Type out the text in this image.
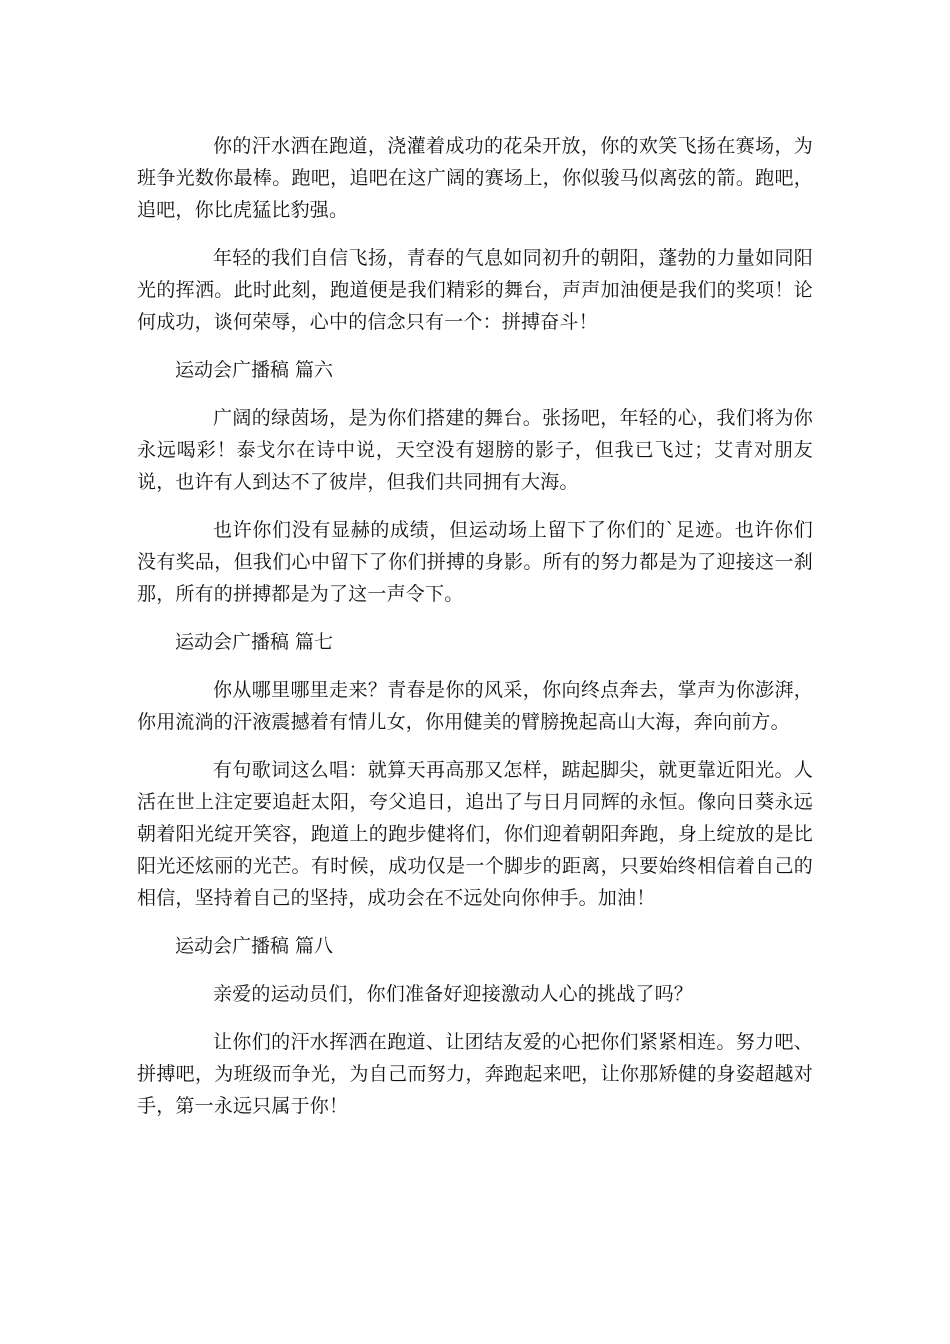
你的汗水洒在跑道，浇灌着成功的花朵开放，你的欢笑飞扬在赛场，为班争光数你最棒。跑吧，追吧在这广阔的赛场上，你似骏马似离弦的箭。跑吧，追吧，你比虎猛比豹强。

年轻的我们自信飞扬，青春的气息如同初升的朝阳，蓬勃的力量如同阳光的挥洒。此时此刻，跑道便是我们精彩的舞台，声声加油便是我们的奖项！论何成功，谈何荣辱，心中的信念只有一个：拼搏奋斗！

运动会广播稿 篇六

广阔的绿茵场，是为你们搭建的舞台。张扬吧，年轻的心，我们将为你永远喝彩！泰戈尔在诗中说，天空没有翅膀的影子，但我已飞过；艾青对朋友说，也许有人到达不了彼岸，但我们共同拥有大海。

也许你们没有显赫的成绩，但运动场上留下了你们的`足迹。也许你们没有奖品，但我们心中留下了你们拼搏的身影。所有的努力都是为了迎接这一刹那，所有的拼搏都是为了这一声令下。

运动会广播稿 篇七

你从哪里哪里走来？青春是你的风采，你向终点奔去，掌声为你澎湃，你用流淌的汗液震撼着有情儿女，你用健美的臂膀挽起高山大海，奔向前方。

有句歌词这么唱：就算天再高那又怎样，踮起脚尖，就更靠近阳光。人活在世上注定要追赶太阳，夸父追日，追出了与日月同辉的永恒。像向日葵永远朝着阳光绽开笑容，跑道上的跑步健将们，你们迎着朝阳奔跑，身上绽放的是比阳光还炫丽的光芒。有时候，成功仅是一个脚步的距离，只要始终相信着自己的相信，坚持着自己的坚持，成功会在不远处向你伸手。加油！

运动会广播稿 篇八

亲爱的运动员们，你们准备好迎接激动人心的挑战了吗？

让你们的汗水挥洒在跑道、让团结友爱的心把你们紧紧相连。努力吧、拼搏吧，为班级而争光，为自己而努力，奔跑起来吧，让你那矫健的身姿超越对手，第一永远只属于你！
